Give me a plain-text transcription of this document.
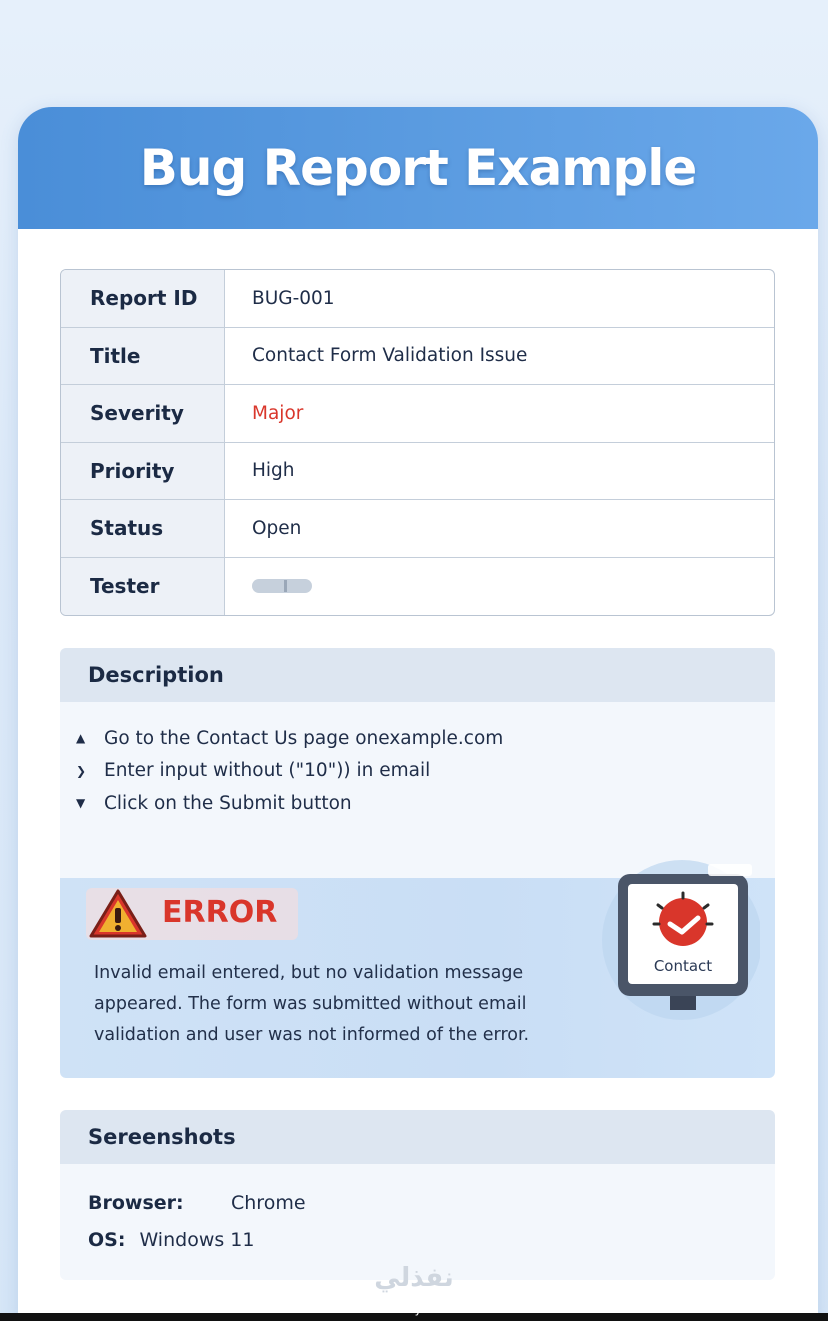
Bug Report Example
Report ID	BUG-001
Title	Contact Form Validation Issue
Severity	Major
Priority	High
Status	Open
Tester
Description
▲	Go to the Contact Us page onexample.com
❯ Enter input without ("10")) in email
▼	Click on the Submit button
ERROR
Invalid email entered, but no validation message appeared. The form was submitted without email validation and user was not informed of the error.
Contact
Sereenshots
Browser:	Chrome
OS: Windows 11
نفذلي
nafezly.com
